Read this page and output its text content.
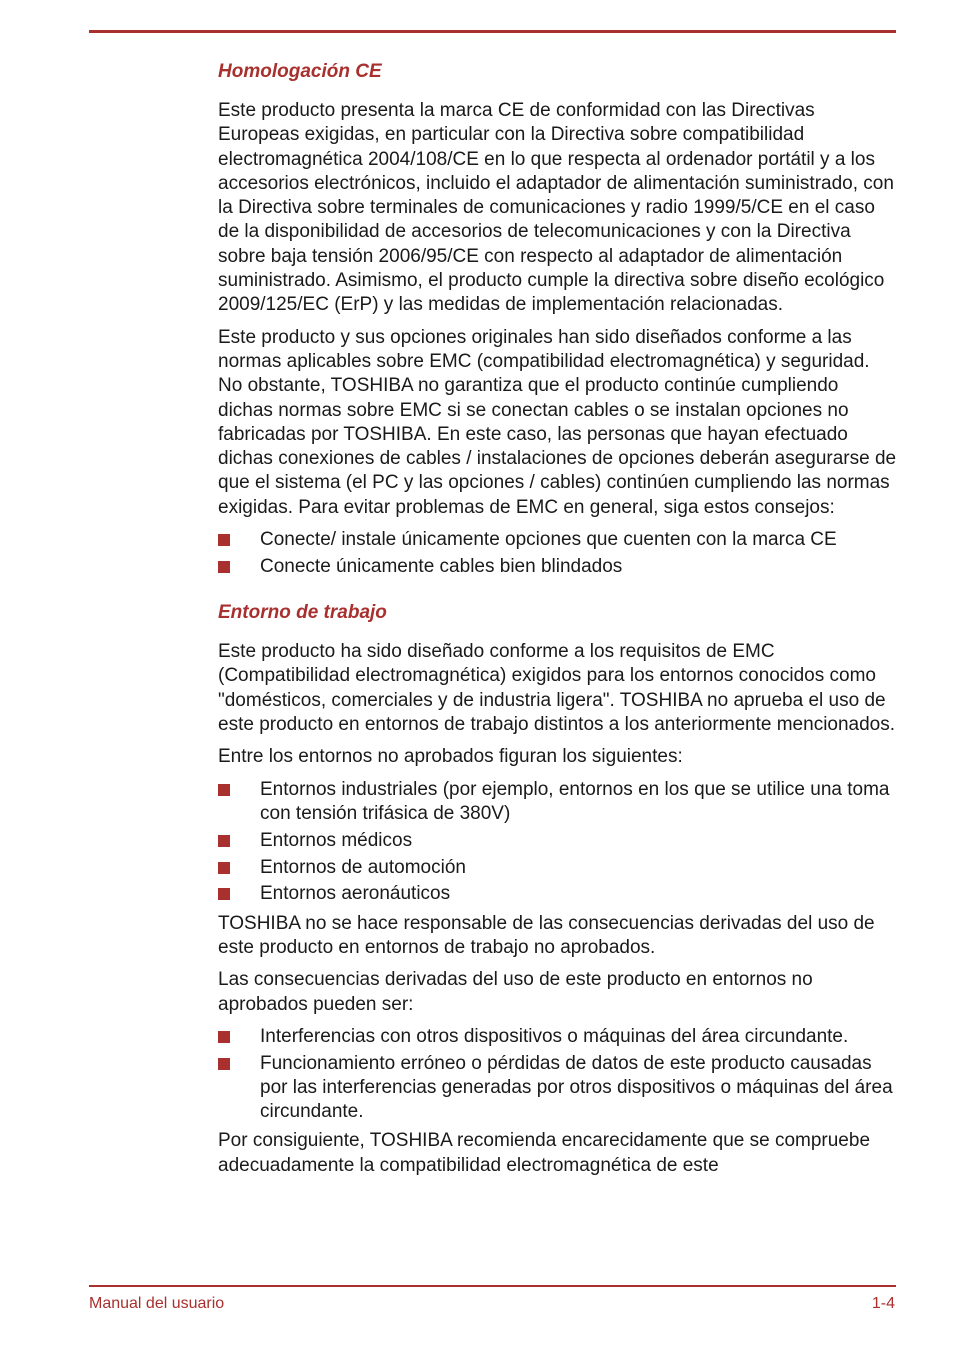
Homologación CE

Este producto presenta la marca CE de conformidad con las Directivas Europeas exigidas, en particular con la Directiva sobre compatibilidad electromagnética 2004/108/CE en lo que respecta al ordenador portátil y a los accesorios electrónicos, incluido el adaptador de alimentación suministrado, con la Directiva sobre terminales de comunicaciones y radio 1999/5/CE en el caso de la disponibilidad de accesorios de telecomunicaciones y con la Directiva sobre baja tensión 2006/95/CE con respecto al adaptador de alimentación suministrado. Asimismo, el producto cumple la directiva sobre diseño ecológico 2009/125/EC (ErP) y las medidas de implementación relacionadas.

Este producto y sus opciones originales han sido diseñados conforme a las normas aplicables sobre EMC (compatibilidad electromagnética) y seguridad. No obstante, TOSHIBA no garantiza que el producto continúe cumpliendo dichas normas sobre EMC si se conectan cables o se instalan opciones no fabricadas por TOSHIBA. En este caso, las personas que hayan efectuado dichas conexiones de cables / instalaciones de opciones deberán asegurarse de que el sistema (el PC y las opciones / cables) continúen cumpliendo las normas exigidas. Para evitar problemas de EMC en general, siga estos consejos:

Conecte/ instale únicamente opciones que cuenten con la marca CE
Conecte únicamente cables bien blindados
Entorno de trabajo

Este producto ha sido diseñado conforme a los requisitos de EMC (Compatibilidad electromagnética) exigidos para los entornos conocidos como "domésticos, comerciales y de industria ligera". TOSHIBA no aprueba el uso de este producto en entornos de trabajo distintos a los anteriormente mencionados.

Entre los entornos no aprobados figuran los siguientes:

Entornos industriales (por ejemplo, entornos en los que se utilice una toma con tensión trifásica de 380V)
Entornos médicos
Entornos de automoción
Entornos aeronáuticos

TOSHIBA no se hace responsable de las consecuencias derivadas del uso de este producto en entornos de trabajo no aprobados.

Las consecuencias derivadas del uso de este producto en entornos no aprobados pueden ser:

Interferencias con otros dispositivos o máquinas del área circundante.
Funcionamiento erróneo o pérdidas de datos de este producto causadas por las interferencias generadas por otros dispositivos o máquinas del área circundante.

Por consiguiente, TOSHIBA recomienda encarecidamente que se compruebe adecuadamente la compatibilidad electromagnética de este

Manual del usuario	1-4
